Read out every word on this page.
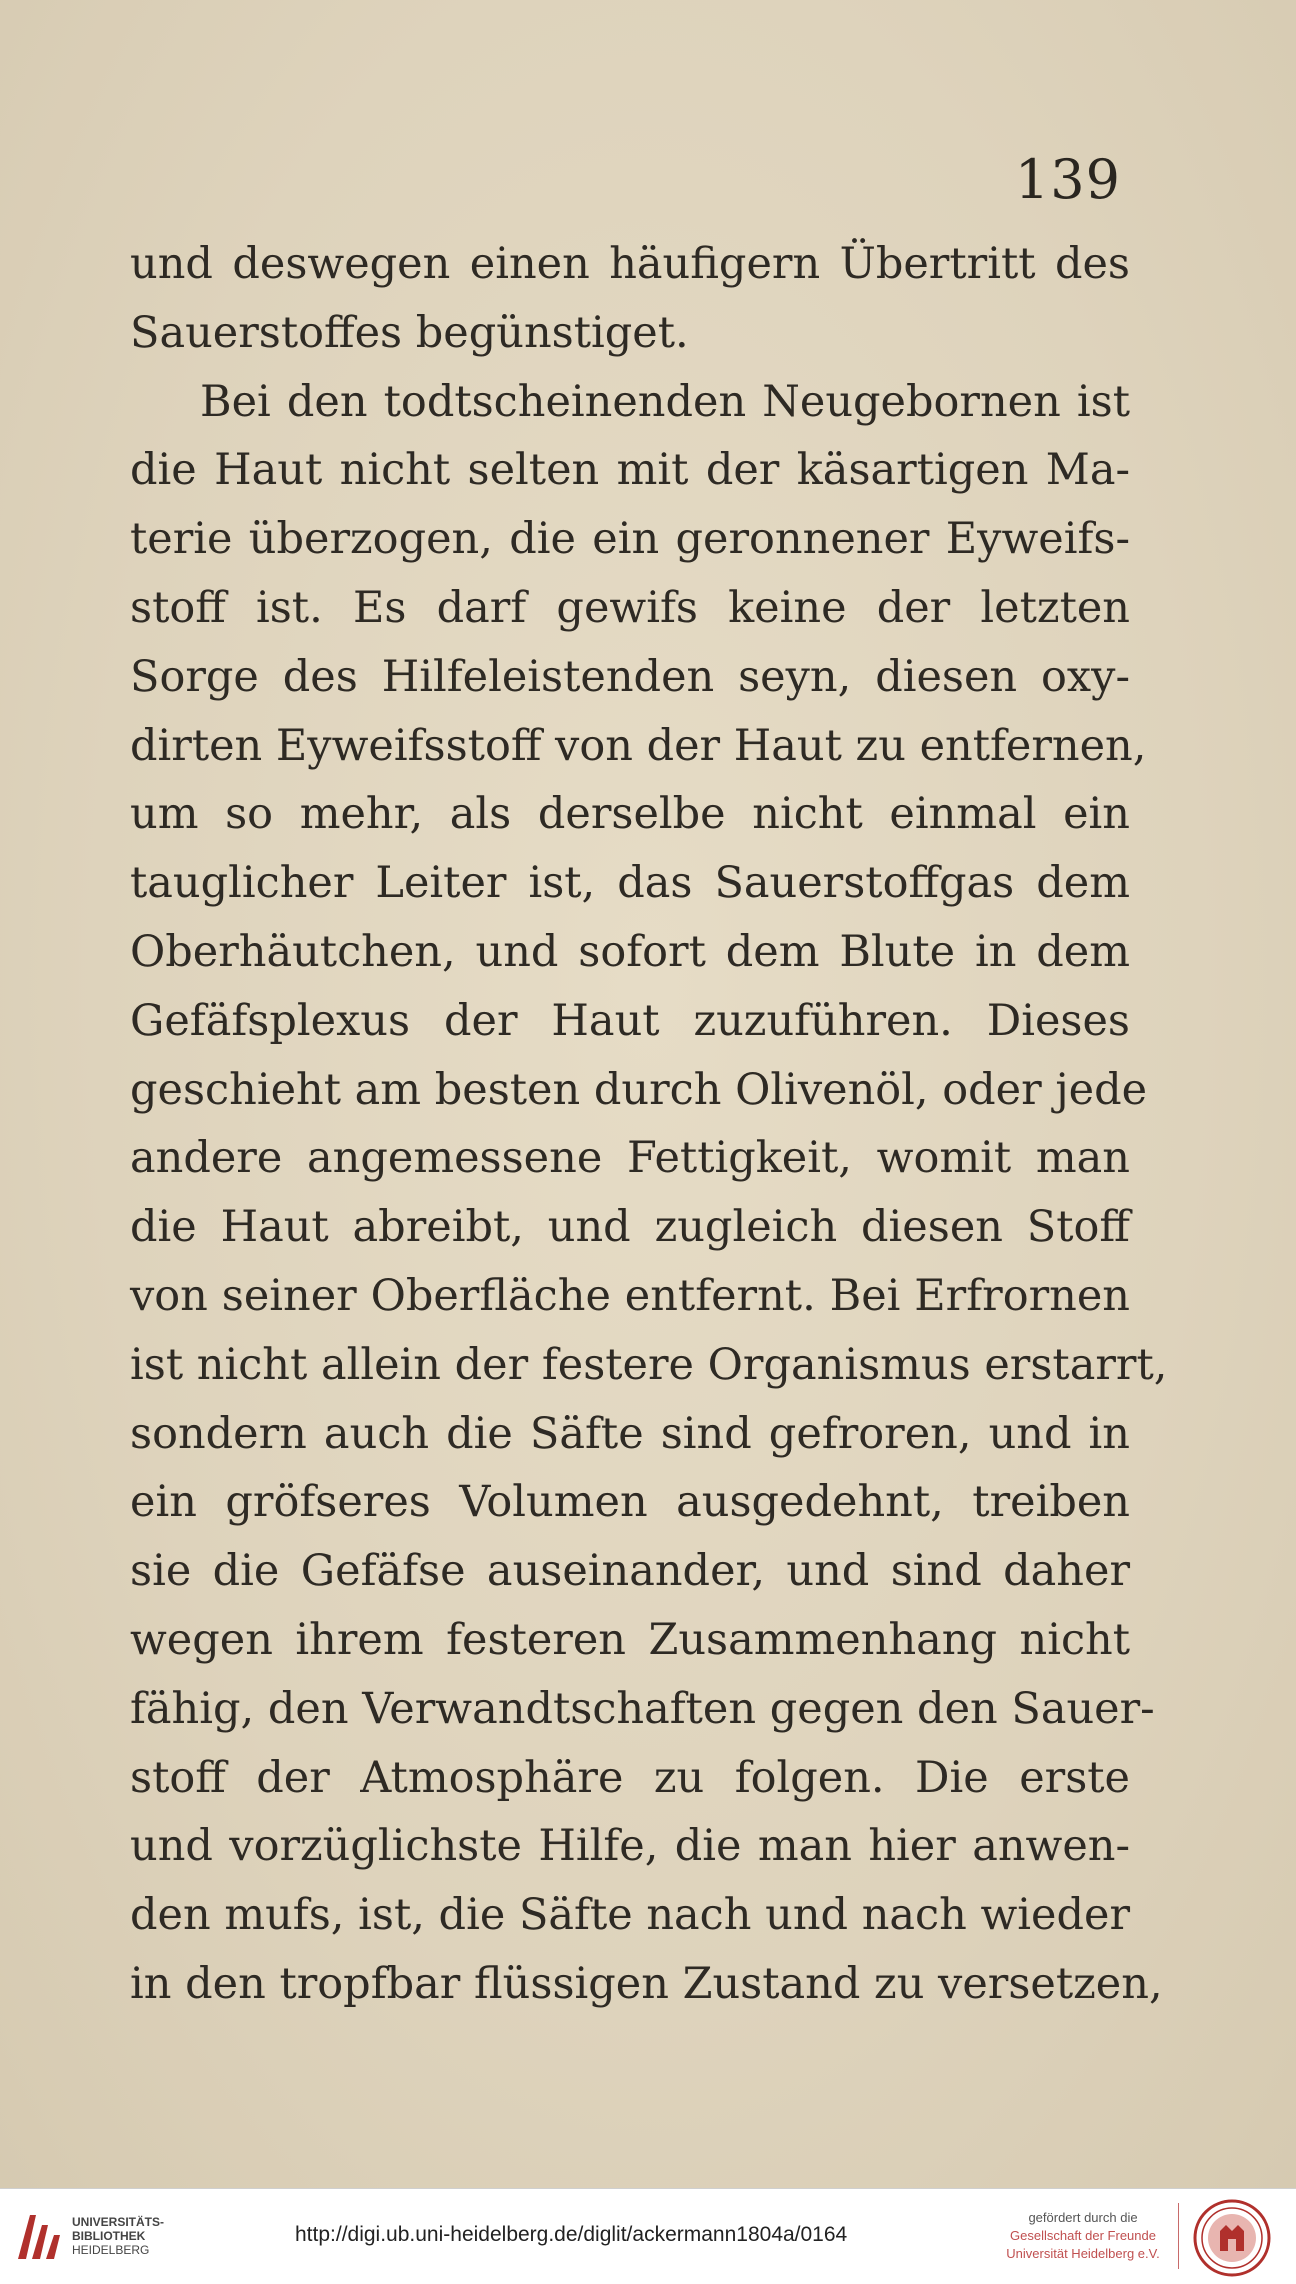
139
und deswegen einen häufigern Übertritt des
Sauerstoffes begünstiget.
Bei den todtscheinenden Neugebornen ist
die Haut nicht selten mit der käsartigen Ma-
terie überzogen, die ein geronnener Eyweifs-
stoff ist. Es darf gewifs keine der letzten
Sorge des Hilfeleistenden seyn, diesen oxy-
dirten Eyweifsstoff von der Haut zu entfernen,
um so mehr, als derselbe nicht einmal ein
tauglicher Leiter ist, das Sauerstoffgas dem
Oberhäutchen, und sofort dem Blute in dem
Gefäfsplexus der Haut zuzuführen. Dieses
geschieht am besten durch Olivenöl, oder jede
andere angemessene Fettigkeit, womit man
die Haut abreibt, und zugleich diesen Stoff
von seiner Oberfläche entfernt. Bei Erfrornen
ist nicht allein der festere Organismus erstarrt,
sondern auch die Säfte sind gefroren, und in
ein gröfseres Volumen ausgedehnt, treiben
sie die Gefäfse auseinander, und sind daher
wegen ihrem festeren Zusammenhang nicht
fähig, den Verwandtschaften gegen den Sauer-
stoff der Atmosphäre zu folgen. Die erste
und vorzüglichste Hilfe, die man hier anwen-
den mufs, ist, die Säfte nach und nach wieder
in den tropfbar flüssigen Zustand zu versetzen,
UNIVERSITÄTS-
BIBLIOTHEK
HEIDELBERG
http://digi.ub.uni-heidelberg.de/diglit/ackermann1804a/0164
gefördert durch die
Gesellschaft der Freunde
Universität Heidelberg e.V.
